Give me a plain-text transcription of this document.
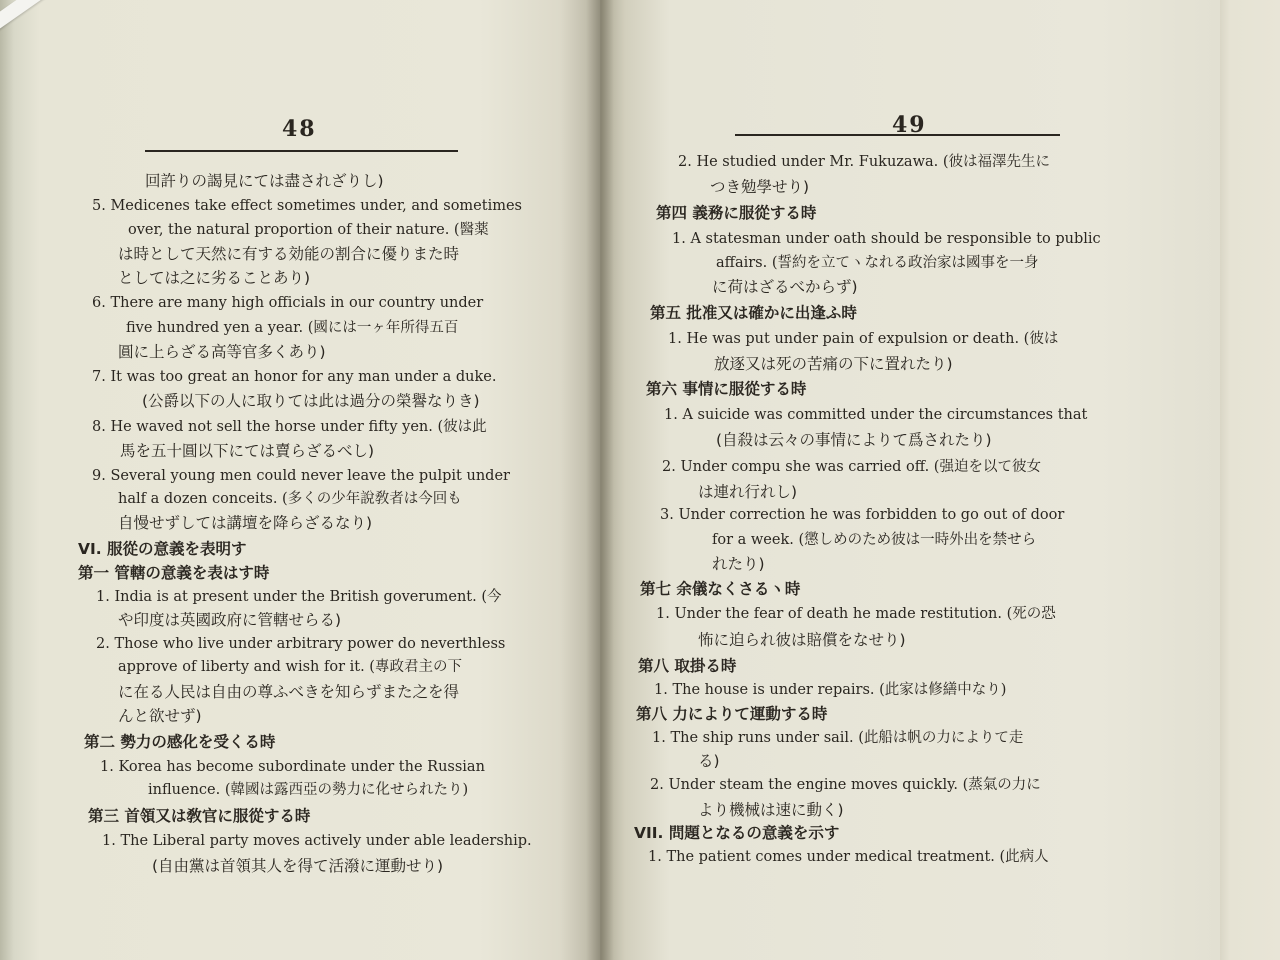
48
回許りの謁見にては盡されざりし)
5. Medicenes take effect sometimes under, and sometimes
over, the natural proportion of their nature. (醫薬
は時として天然に有する効能の割合に優りまた時
としては之に劣ることあり)
6. There are many high officials in our country under
five hundred yen a year. (國には一ヶ年所得五百
圓に上らざる高等官多くあり)
7. It was too great an honor for any man under a duke.
(公爵以下の人に取りては此は過分の榮譽なりき)
8. He waved not sell the horse under fifty yen. (彼は此
馬を五十圓以下にては賣らざるべし)
9. Several young men could never leave the pulpit under
half a dozen conceits. (多くの少年說敎者は今回も
自慢せずしては講壇を降らざるなり)
VI. 服從の意義を表明す
第一 管轄の意義を表はす時
1. India is at present under the British goverument. (今
や印度は英國政府に管轄せらる)
2. Those who live under arbitrary power do neverthless
approve of liberty and wish for it. (專政君主の下
に在る人民は自由の尊ふべきを知らずまた之を得
んと欲せず)
第二 勢力の感化を受くる時
1. Korea has become subordinate under the Russian
influence. (韓國は露西亞の勢力に化せられたり)
第三 首領又は敎官に服從する時
1. The Liberal party moves actively under able leadership.
(自由黨は首領其人を得て活潑に運動せり)
49
2. He studied under Mr. Fukuzawa. (彼は福澤先生に
つき勉學せり)
第四 義務に服從する時
1. A statesman under oath should be responsible to public
affairs. (誓約を立てヽなれる政治家は國事を一身
に荷はざるべからず)
第五 批准又は確かに出逢ふ時
1. He was put under pain of expulsion or death. (彼は
放逐又は死の苦痛の下に置れたり)
第六 事情に服從する時
1. A suicide was committed under the circumstances that
(自殺は云々の事情によりて爲されたり)
2. Under compu she was carried off. (强迫を以て彼女
は連れ行れし)
3. Under correction he was forbidden to go out of door
for a week. (懲しめのため彼は一時外出を禁せら
れたり)
第七 余儀なくさるヽ時
1. Under the fear of death he made restitution. (死の恐
怖に迫られ彼は賠償をなせり)
第八 取掛る時
1. The house is under repairs. (此家は修繕中なり)
第八 力によりて運動する時
1. The ship runs under sail. (此船は帆の力によりて走
る)
2. Under steam the engine moves quickly. (蒸氣の力に
より機械は速に動く)
VII. 問題となるの意義を示す
1. The patient comes under medical treatment. (此病人
